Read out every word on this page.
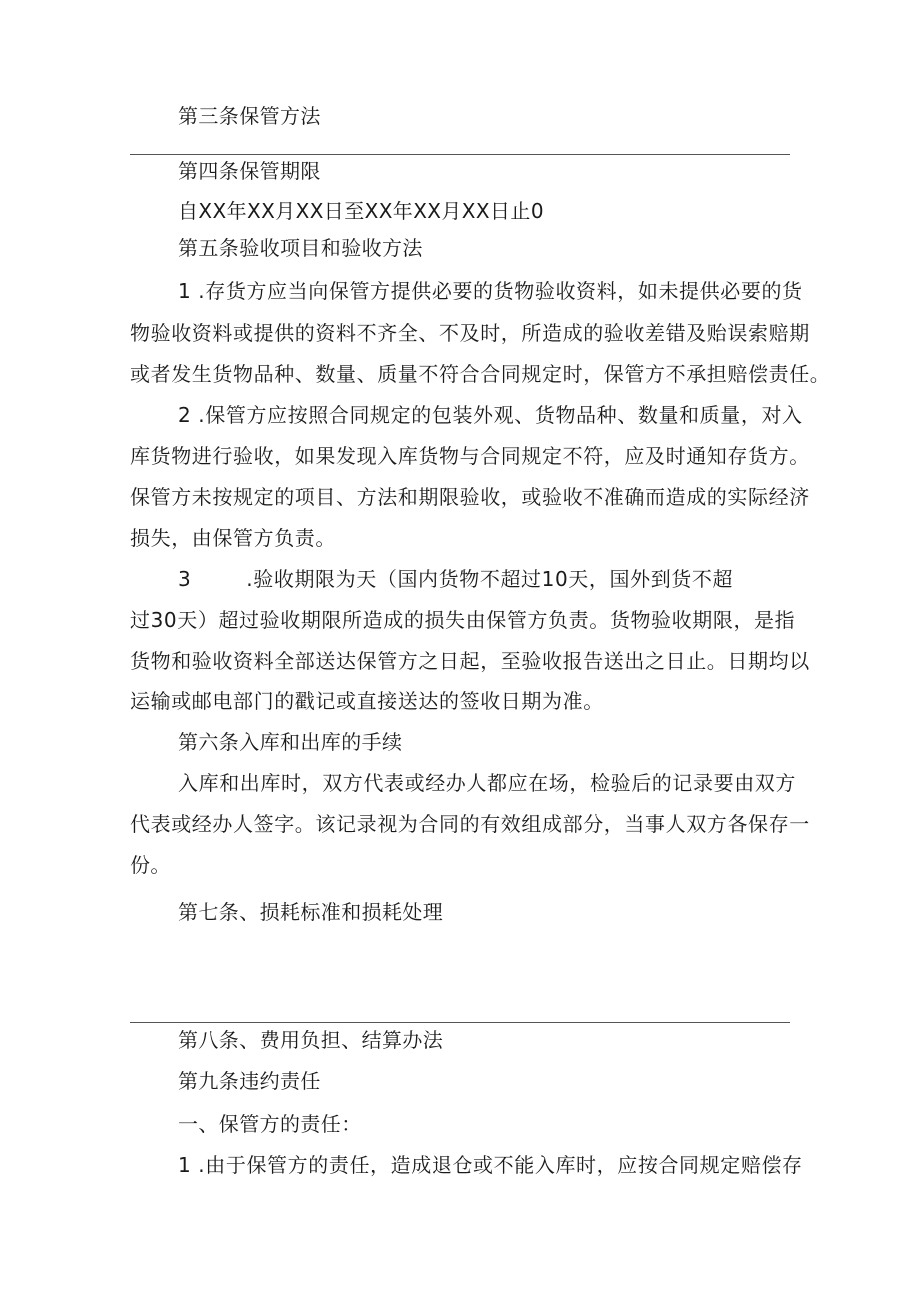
第三条保管方法
第四条保管期限
自XX年XX月XX日至XX年XX月XX日止0
第五条验收项目和验收方法
1 .存货方应当向保管方提供必要的货物验收资料，如未提供必要的货
物验收资料或提供的资料不齐全、不及时，所造成的验收差错及贻误索赔期
或者发生货物品种、数量、质量不符合合同规定时，保管方不承担赔偿责任。
2 .保管方应按照合同规定的包装外观、货物品种、数量和质量，对入
库货物进行验收，如果发现入库货物与合同规定不符，应及时通知存货方。
保管方未按规定的项目、方法和期限验收，或验收不准确而造成的实际经济
损失，由保管方负责。
3	.验收期限为天（国内货物不超过10天，国外到货不超
过30天）超过验收期限所造成的损失由保管方负责。货物验收期限，是指
货物和验收资料全部送达保管方之日起，至验收报告送出之日止。日期均以
运输或邮电部门的戳记或直接送达的签收日期为准。
第六条入库和出库的手续
入库和出库时，双方代表或经办人都应在场，检验后的记录要由双方
代表或经办人签字。该记录视为合同的有效组成部分，当事人双方各保存一
份。
第七条、损耗标准和损耗处理
第八条、费用负担、结算办法
第九条违约责任
一、保管方的责任：
1 .由于保管方的责任，造成退仓或不能入库时，应按合同规定赔偿存
